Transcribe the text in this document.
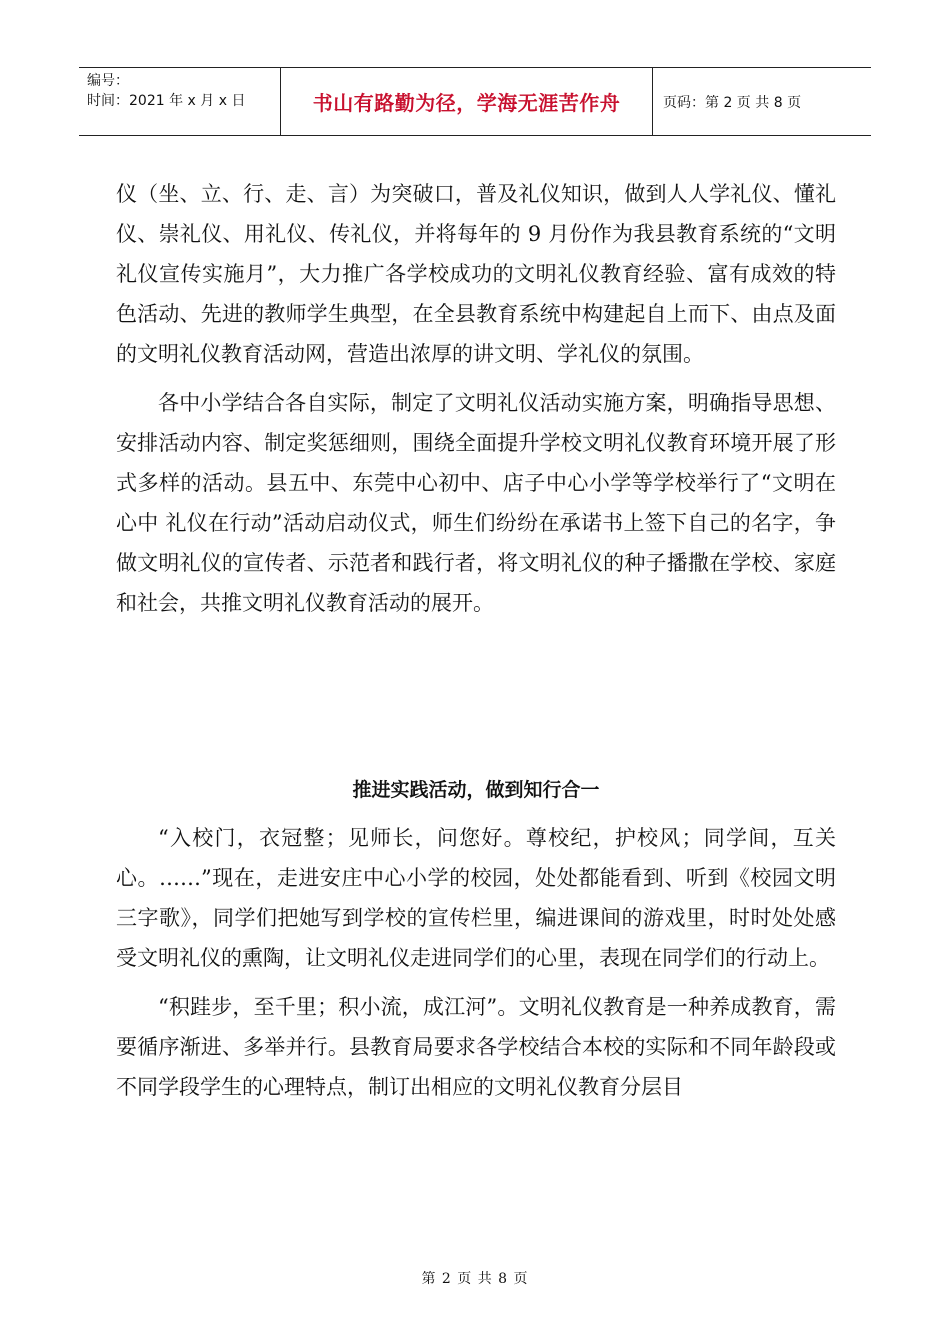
编号：
时间：2021 年 x 月 x 日	书山有路勤为径，学海无涯苦作舟	页码：第 2 页 共 8 页

仪（坐、立、行、走、言）为突破口，普及礼仪知识，做到人人学礼仪、懂礼仪、崇礼仪、用礼仪、传礼仪，并将每年的 9 月份作为我县教育系统的“文明礼仪宣传实施月”，大力推广各学校成功的文明礼仪教育经验、富有成效的特色活动、先进的教师学生典型，在全县教育系统中构建起自上而下、由点及面的文明礼仪教育活动网，营造出浓厚的讲文明、学礼仪的氛围。

各中小学结合各自实际，制定了文明礼仪活动实施方案，明确指导思想、安排活动内容、制定奖惩细则，围绕全面提升学校文明礼仪教育环境开展了形式多样的活动。县五中、东莞中心初中、店子中心小学等学校举行了“文明在心中 礼仪在行动”活动启动仪式，师生们纷纷在承诺书上签下自己的名字，争做文明礼仪的宣传者、示范者和践行者，将文明礼仪的种子播撒在学校、家庭和社会，共推文明礼仪教育活动的展开。

推进实践活动，做到知行合一

“入校门，衣冠整；见师长，问您好。尊校纪，护校风；同学间，互关心。……”现在，走进安庄中心小学的校园，处处都能看到、听到《校园文明三字歌》，同学们把她写到学校的宣传栏里，编进课间的游戏里，时时处处感受文明礼仪的熏陶，让文明礼仪走进同学们的心里，表现在同学们的行动上。

“积跬步，至千里；积小流，成江河”。文明礼仪教育是一种养成教育，需要循序渐进、多举并行。县教育局要求各学校结合本校的实际和不同年龄段或不同学段学生的心理特点，制订出相应的文明礼仪教育分层目

第 2 页 共 8 页
